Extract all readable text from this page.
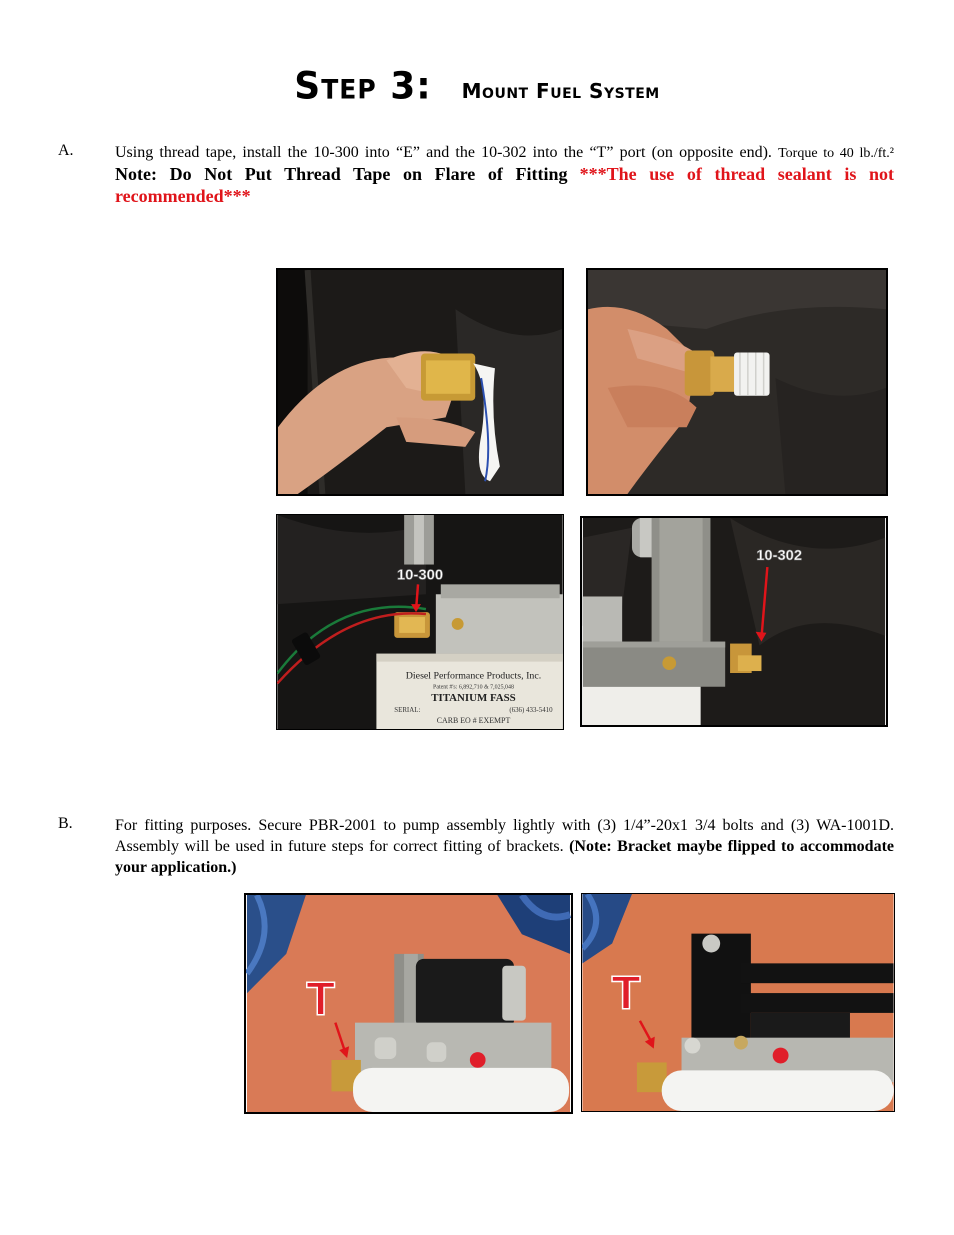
Step 3: Mount Fuel System
A.	Using thread tape, install the 10-300 into “E” and the 10-302 into the “T” port (on opposite end). Torque to 40 lb./ft.² Note: Do Not Put Thread Tape on Flare of Fitting ***The use of thread sealant is not recommended***
10-300
Diesel Performance Products, Inc.
Patent #'s: 6,892,710 & 7,025,048
TITANIUM FASS
SERIAL:	(636) 433-5410
CARB EO # EXEMPT
10-302
B.	For fitting purposes. Secure PBR-2001 to pump assembly lightly with (3) 1/4”-20x1 3/4 bolts and (3) WA-1001D. Assembly will be used in future steps for correct fitting of brackets. (Note: Bracket maybe flipped to accommodate your application.)
T	T
